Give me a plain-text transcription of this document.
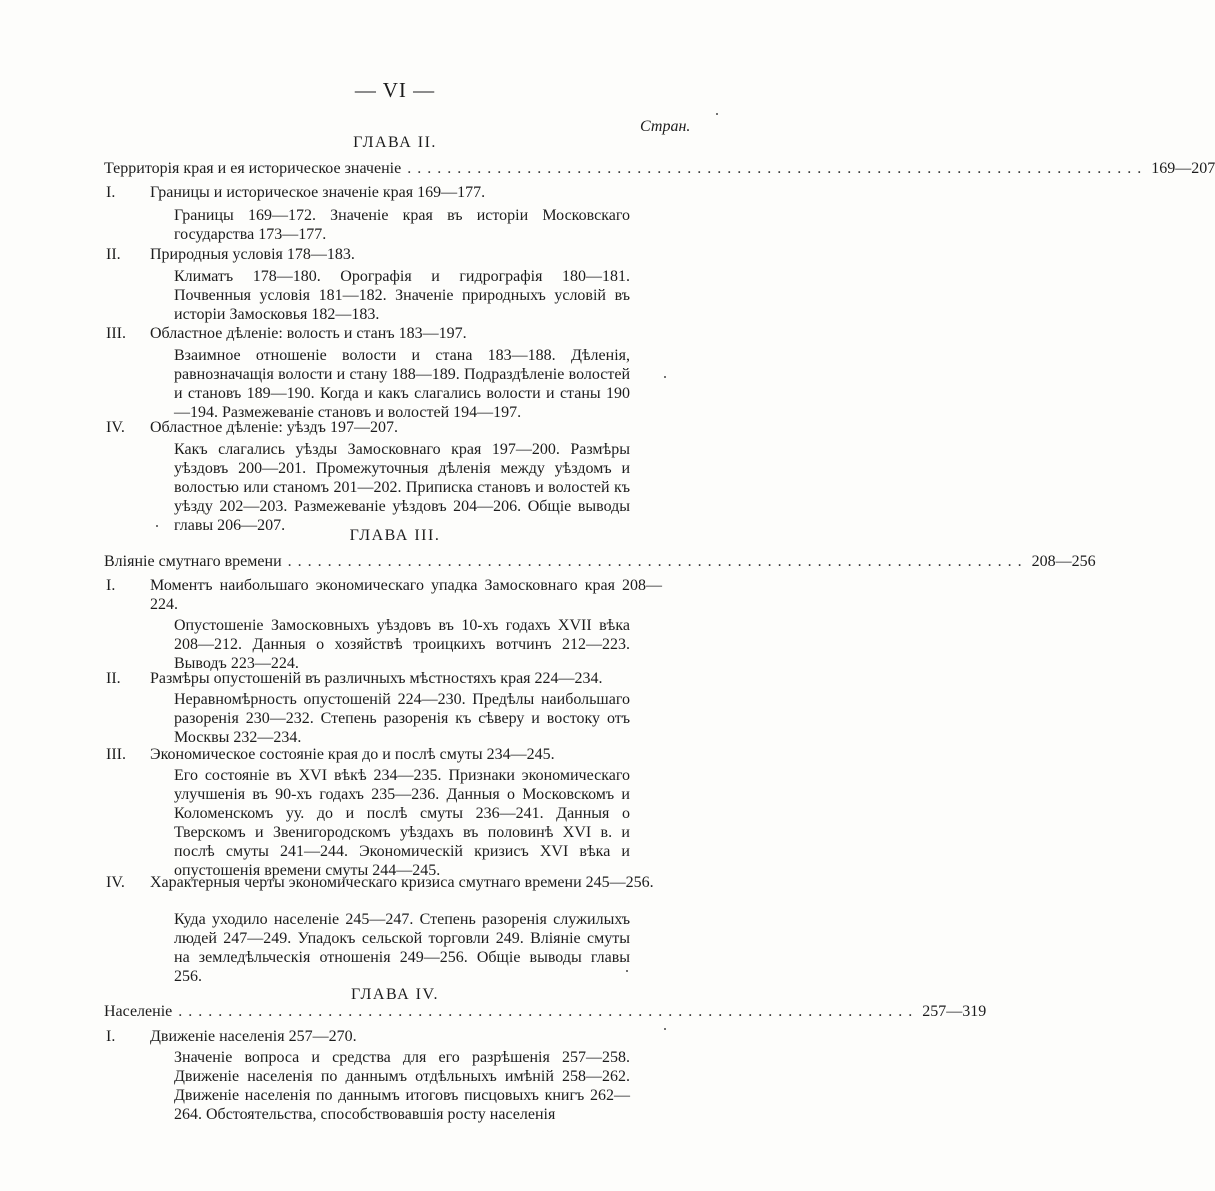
— VI —
Стран.
ГЛАВА II.
Территорія края и ея историческое значеніе .......................................................................... 169—207
I. Границы и историческое значеніе края 169—177.
Границы 169—172. Значеніе края въ исторіи Московскаго государства 173—177.
II. Природныя условія 178—183.
Климатъ 178—180. Орографія и гидрографія 180—181. Почвенныя условія 181—182. Значеніе природныхъ условій въ исторіи Замосковья 182—183.
III. Областное дѣленіе: волость и станъ 183—197.
Взаимное отношеніе волости и стана 183—188. Дѣленія, равнозначащія волости и стану 188—189. Подраздѣленіе волостей и становъ 189—190. Когда и какъ слагались волости и станы 190—194. Размежеваніе становъ и волостей 194—197.
IV. Областное дѣленіе: уѣздъ 197—207.
Какъ слагались уѣзды Замосковнаго края 197—200. Размѣры уѣздовъ 200—201. Промежуточныя дѣленія между уѣздомъ и волостью или станомъ 201—202. Приписка становъ и волостей къ уѣзду 202—203. Размежеваніе уѣздовъ 204—206. Общіе выводы главы 206—207.
ГЛАВА III.
Вліяніе смутнаго времени .......................................................................... 208—256
I. Моментъ наибольшаго экономическаго упадка Замосковнаго края 208—224.
Опустошеніе Замосковныхъ уѣздовъ въ 10-хъ годахъ XVII вѣка 208—212. Данныя о хозяйствѣ троицкихъ вотчинъ 212—223. Выводъ 223—224.
II. Размѣры опустошеній въ различныхъ мѣстностяхъ края 224—234.
Неравномѣрность опустошеній 224—230. Предѣлы наибольшаго разоренія 230—232. Степень разоренія къ сѣверу и востоку отъ Москвы 232—234.
III. Экономическое состояніе края до и послѣ смуты 234—245.
Его состояніе въ XVI вѣкѣ 234—235. Признаки экономическаго улучшенія въ 90-хъ годахъ 235—236. Данныя о Московскомъ и Коломенскомъ уу. до и послѣ смуты 236—241. Данныя о Тверскомъ и Звенигородскомъ уѣздахъ въ половинѣ XVI в. и послѣ смуты 241—244. Экономическій кризисъ XVI вѣка и опустошенія времени смуты 244—245.
IV. Характерныя черты экономическаго кризиса смутнаго времени 245—256.
Куда уходило населеніе 245—247. Степень разоренія служилыхъ людей 247—249. Упадокъ сельской торговли 249. Вліяніе смуты на земледѣльческія отношенія 249—256. Общіе выводы главы 256.
ГЛАВА IV.
Населеніе .......................................................................... 257—319
I. Движеніе населенія 257—270.
Значеніе вопроса и средства для его разрѣшенія 257—258. Движеніе населенія по даннымъ отдѣльныхъ имѣній 258—262. Движеніе населенія по даннымъ итоговъ писцовыхъ книгъ 262—264. Обстоятельства, способствовавшія росту населенія
